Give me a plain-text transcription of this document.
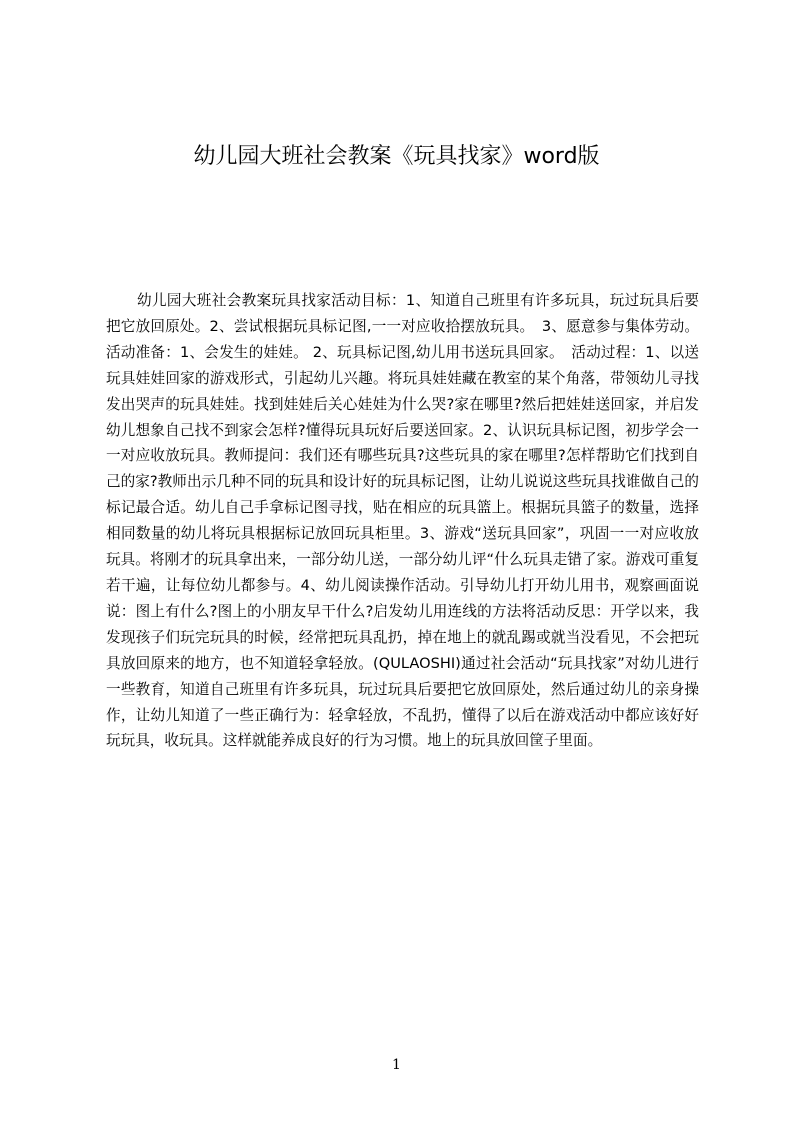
幼儿园大班社会教案《玩具找家》word版

幼儿园大班社会教案玩具找家活动目标：1、知道自己班里有许多玩具，玩过玩具后要把它放回原处。2、尝试根据玩具标记图,一一对应收拾摆放玩具。　3、愿意参与集体劳动。活动准备：1、会发生的娃娃。 2、玩具标记图,幼儿用书送玩具回家。　活动过程：1、以送玩具娃娃回家的游戏形式，引起幼儿兴趣。将玩具娃娃藏在教室的某个角落，带领幼儿寻找发出哭声的玩具娃娃。找到娃娃后关心娃娃为什么哭?家在哪里?然后把娃娃送回家，并启发幼儿想象自己找不到家会怎样?懂得玩具玩好后要送回家。2、认识玩具标记图，初步学会一一对应收放玩具。教师提问：我们还有哪些玩具?这些玩具的家在哪里?怎样帮助它们找到自己的家?教师出示几种不同的玩具和设计好的玩具标记图，让幼儿说说这些玩具找谁做自己的标记最合适。幼儿自己手拿标记图寻找，贴在相应的玩具篮上。根据玩具篮子的数量，选择相同数量的幼儿将玩具根据标记放回玩具柜里。3、游戏“送玩具回家”，巩固一一对应收放玩具。将刚才的玩具拿出来，一部分幼儿送，一部分幼儿评“什么玩具走错了家。游戏可重复若干遍，让每位幼儿都参与。4、幼儿阅读操作活动。引导幼儿打开幼儿用书，观察画面说说：图上有什么?图上的小朋友早干什么?启发幼儿用连线的方法将活动反思：开学以来，我发现孩子们玩完玩具的时候，经常把玩具乱扔，掉在地上的就乱踢或就当没看见，不会把玩具放回原来的地方，也不知道轻拿轻放。(QULAOSHI)通过社会活动“玩具找家”对幼儿进行一些教育，知道自己班里有许多玩具，玩过玩具后要把它放回原处，然后通过幼儿的亲身操作，让幼儿知道了一些正确行为：轻拿轻放，不乱扔，懂得了以后在游戏活动中都应该好好玩玩具，收玩具。这样就能养成良好的行为习惯。地上的玩具放回筐子里面。

1
